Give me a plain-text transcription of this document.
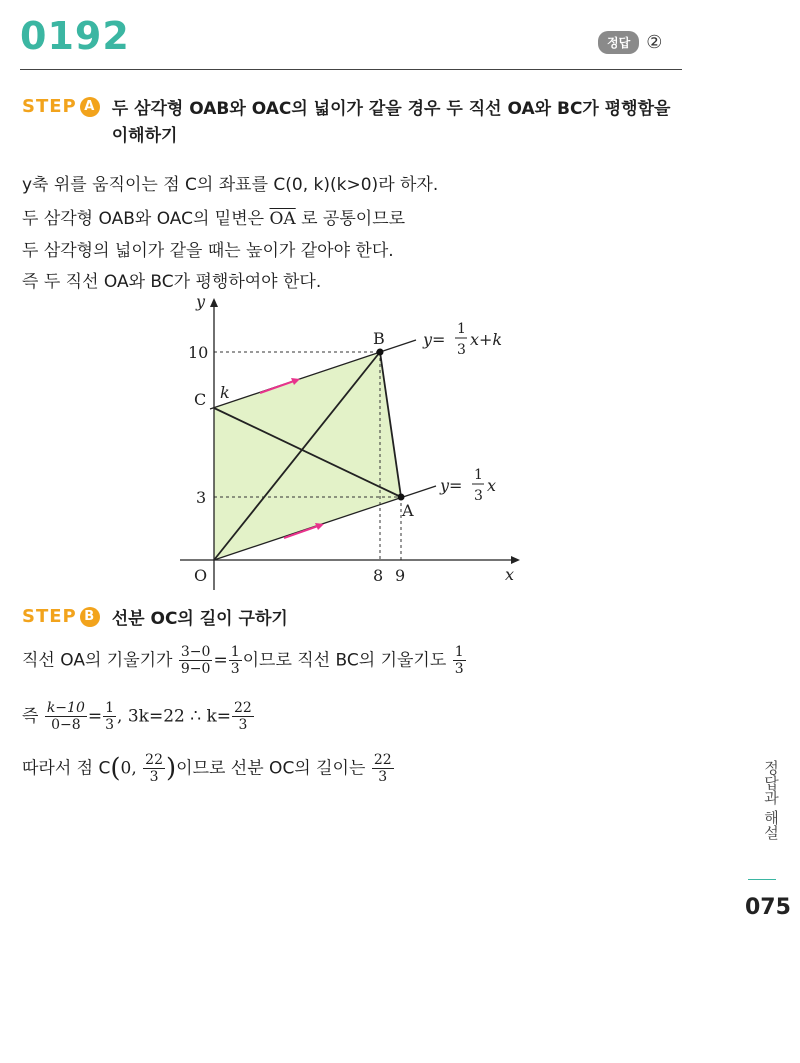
0192	정답 ②
STEP A 두 삼각형 OAB와 OAC의 넓이가 같을 경우 두 직선 OA와 BC가 평행함을 이해하기
y축 위를 움직이는 점 C의 좌표를 C(0, k)(k>0)라 하자.
두 삼각형 OAB와 OAC의 밑변은 $\overline{OA}$ 로 공통이므로
두 삼각형의 넓이가 같을 때는 높이가 같아야 한다.
즉 두 직선 OA와 BC가 평행하여야 한다.
y
x
O
B
C k
A
10
3
8 9
y=
1
3
x+k
y=
1
3
x
STEP B 선분 OC의 길이 구하기
직선 OA의 기울기가 $\frac{3-0}{9-0} = \frac{1}{3}$ 이므로 직선 BC의 기울기도 $\frac{1}{3}$
즉 $\frac{k-10}{0-8} = \frac{1}{3}$ , 3k=22 ∴ $k= \frac{22}{3}$
따라서 점 C(0, $\frac{22}{3}$ )이므로 선분 OC의 길이는 $\frac{22}{3}$	정답과 해설
075
